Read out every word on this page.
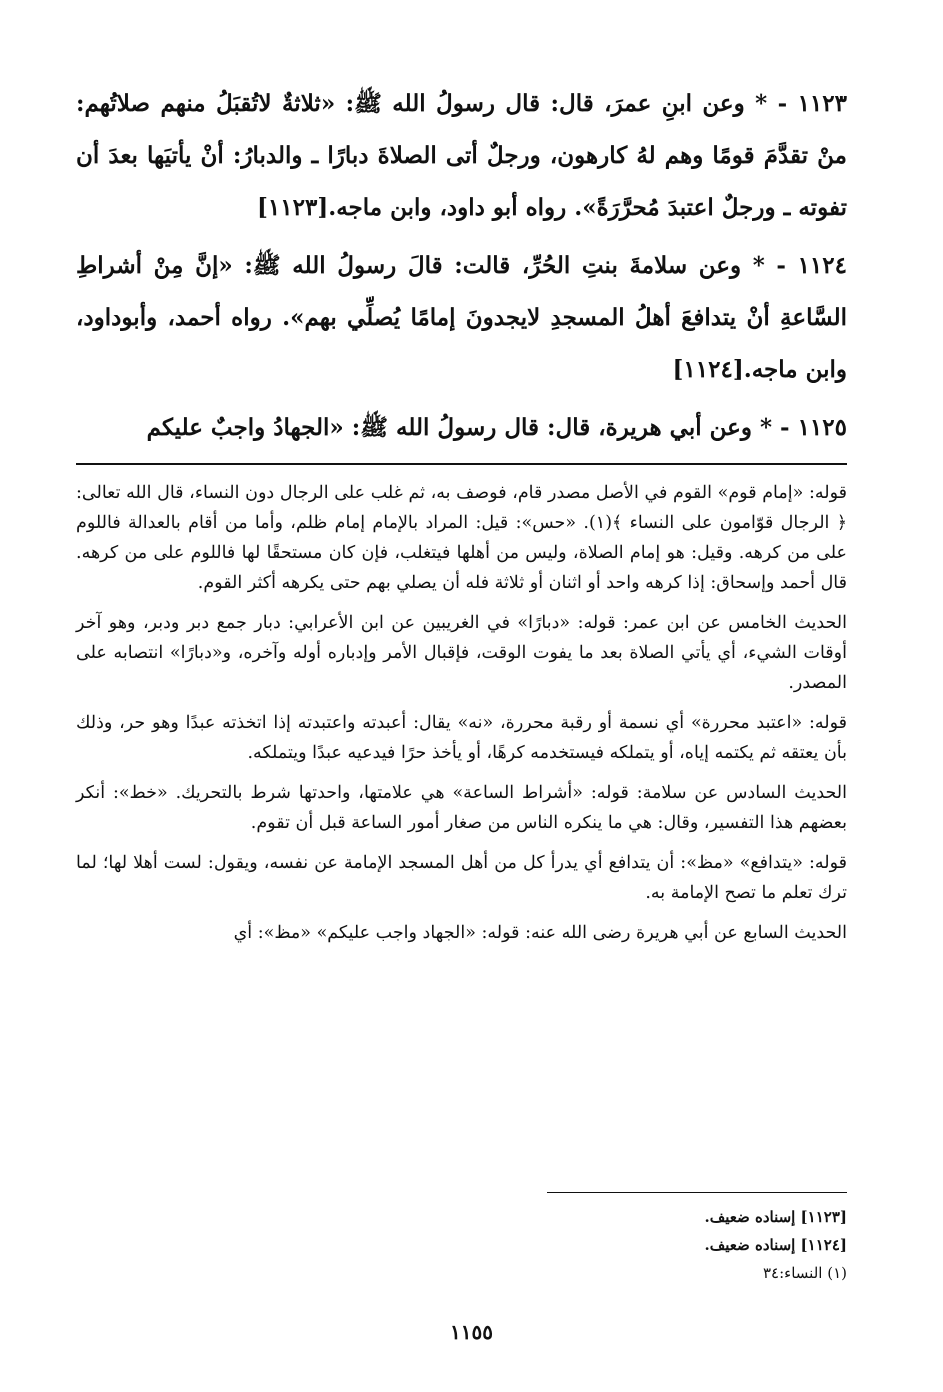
١١٢٣ - * وعن ابنِ عمرَ، قال: قال رسولُ الله ﷺ: «ثلاثةٌ لاتُقبَلُ منهم صلاتُهم: منْ تقدَّمَ قومًا وهم لهُ كارهون، ورجلٌ أتى الصلاةَ دبارًا ـ والدبارُ: أنْ يأتيَها بعدَ أن تفوته ـ ورجلٌ اعتبدَ مُحرَّرَةً». رواه أبو داود، وابن ماجه.[١١٢٣]

١١٢٤ - * وعن سلامةَ بنتِ الحُرِّ، قالت: قالَ رسولُ الله ﷺ: «إنَّ مِنْ أشراطِ السَّاعةِ أنْ يتدافعَ أهلُ المسجدِ لايجدونَ إمامًا يُصلِّي بهم». رواه أحمد، وأبوداود، وابن ماجه.[١١٢٤]

١١٢٥ - * وعن أبي هريرة، قال: قال رسولُ الله ﷺ: «الجهادُ واجبٌ عليكم

قوله: «إمام قوم» القوم في الأصل مصدر قام، فوصف به، ثم غلب على الرجال دون النساء، قال الله تعالى: ﴿ الرجال قوّامون على النساء ﴾(١). «حس»: قيل: المراد بالإمام إمام ظلم، وأما من أقام بالعدالة فاللوم على من كرهه. وقيل: هو إمام الصلاة، وليس من أهلها فيتغلب، فإن كان مستحقًا لها فاللوم على من كرهه. قال أحمد وإسحاق: إذا كرهه واحد أو اثنان أو ثلاثة فله أن يصلي بهم حتى يكرهه أكثر القوم.

الحديث الخامس عن ابن عمر: قوله: «دبارًا» في الغريبين عن ابن الأعرابي: دبار جمع دبر ودبر، وهو آخر أوقات الشيء، أي يأتي الصلاة بعد ما يفوت الوقت، فإقبال الأمر وإدباره أوله وآخره، و«دبارًا» انتصابه على المصدر.

قوله: «اعتبد محررة» أي نسمة أو رقبة محررة، «نه» يقال: أعبدته واعتبدته إذا اتخذته عبدًا وهو حر، وذلك بأن يعتقه ثم يكتمه إياه، أو يتملكه فيستخدمه كرهًا، أو يأخذ حرًا فيدعيه عبدًا ويتملكه.

الحديث السادس عن سلامة: قوله: «أشراط الساعة» هي علامتها، واحدتها شرط بالتحريك. «خط»: أنكر بعضهم هذا التفسير، وقال: هي ما ينكره الناس من صغار أمور الساعة قبل أن تقوم.

قوله: «يتدافع» «مظ»: أن يتدافع أي يدرأ كل من أهل المسجد الإمامة عن نفسه، ويقول: لست أهلا لها؛ لما ترك تعلم ما تصح الإمامة به.

الحديث السابع عن أبي هريرة رضى الله عنه: قوله: «الجهاد واجب عليكم» «مظ»: أي

[١١٢٣] إسناده ضعيف.

[١١٢٤] إسناده ضعيف.

(١) النساء:٣٤

١١٥٥
